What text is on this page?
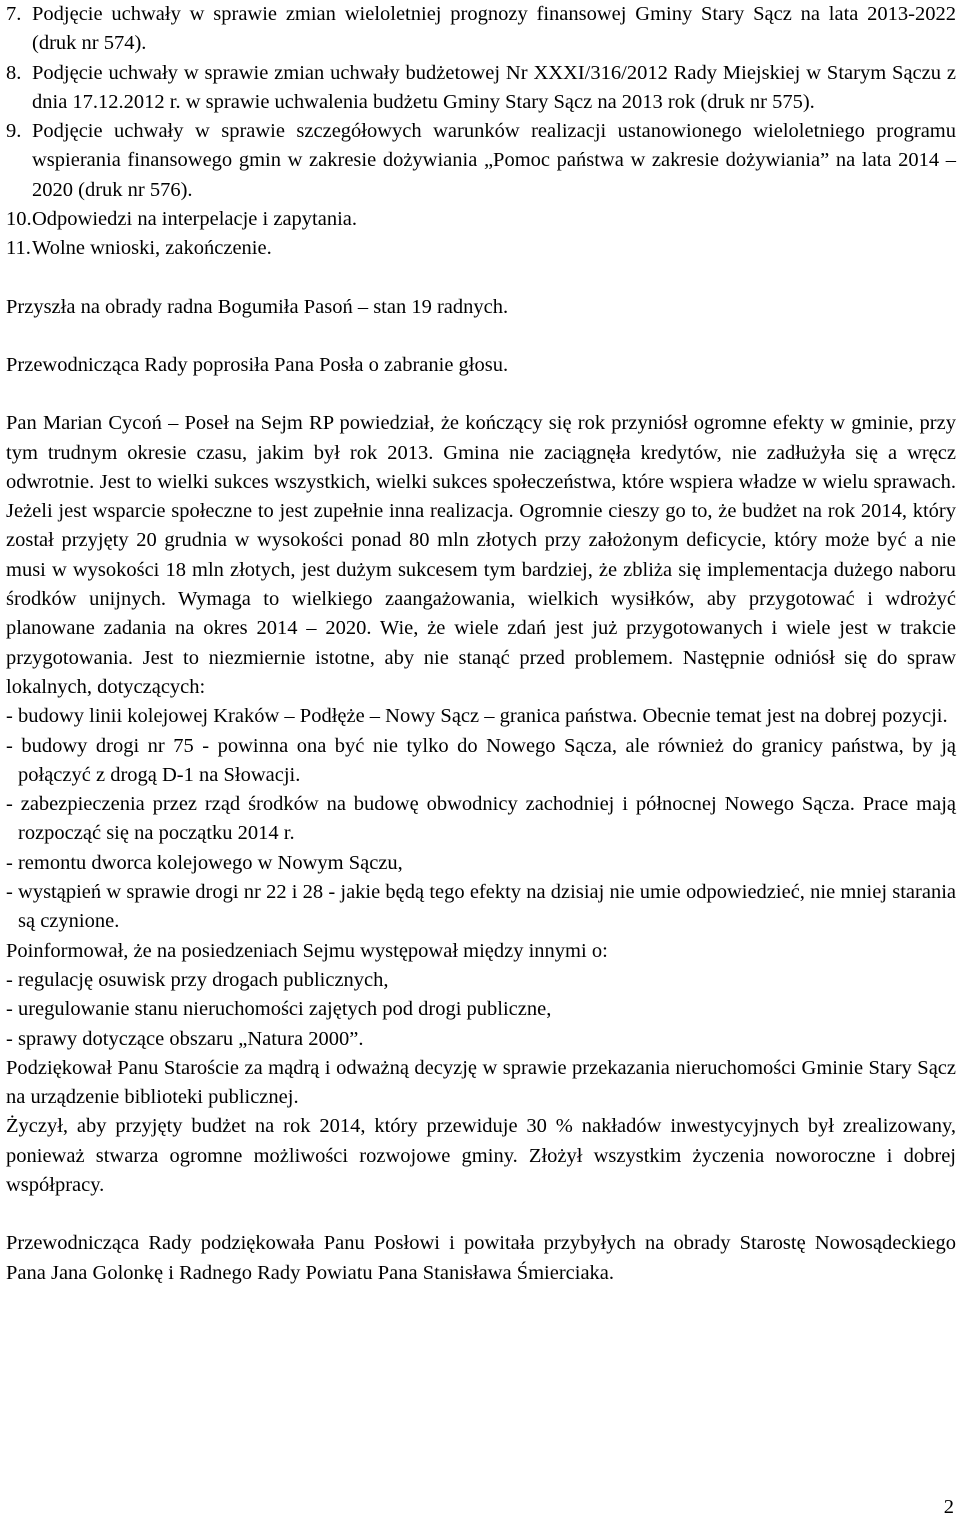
7. Podjęcie uchwały w sprawie zmian wieloletniej prognozy finansowej Gminy Stary Sącz na lata 2013-2022 (druk nr 574).
8. Podjęcie uchwały w sprawie zmian uchwały budżetowej Nr XXXI/316/2012 Rady Miejskiej w Starym Sączu z dnia 17.12.2012 r. w sprawie uchwalenia budżetu Gminy Stary Sącz na 2013 rok (druk nr 575).
9. Podjęcie uchwały w sprawie szczegółowych warunków realizacji ustanowionego wieloletniego programu wspierania finansowego gmin w zakresie dożywiania „Pomoc państwa w zakresie dożywiania” na lata 2014 – 2020 (druk nr 576).
10. Odpowiedzi na interpelacje i zapytania.
11. Wolne wnioski, zakończenie.

Przyszła na obrady radna Bogumiła Pasoń – stan 19 radnych.

Przewodnicząca Rady poprosiła Pana Posła o zabranie głosu.

Pan Marian Cycoń – Poseł na Sejm RP powiedział, że kończący się rok przyniósł ogromne efekty w gminie, przy tym trudnym okresie czasu, jakim był rok 2013. Gmina nie zaciągnęła kredytów, nie zadłużyła się a wręcz odwrotnie. Jest to wielki sukces wszystkich, wielki sukces społeczeństwa, które wspiera władze w wielu sprawach. Jeżeli jest wsparcie społeczne to jest zupełnie inna realizacja. Ogromnie cieszy go to, że budżet na rok 2014, który został przyjęty 20 grudnia w wysokości ponad 80 mln złotych przy założonym deficycie, który może być a nie musi w wysokości 18 mln złotych, jest dużym sukcesem tym bardziej, że zbliża się implementacja dużego naboru środków unijnych. Wymaga to wielkiego zaangażowania, wielkich wysiłków, aby przygotować i wdrożyć planowane zadania na okres 2014 – 2020. Wie, że wiele zdań jest już przygotowanych i wiele jest w trakcie przygotowania. Jest to niezmiernie istotne, aby nie stanąć przed problemem. Następnie odniósł się do spraw lokalnych, dotyczących:

- budowy linii kolejowej Kraków – Podłęże – Nowy Sącz – granica państwa. Obecnie temat jest na dobrej pozycji.

- budowy drogi nr 75 - powinna ona być nie tylko do Nowego Sącza, ale również do granicy państwa, by ją połączyć z drogą D-1 na Słowacji.

- zabezpieczenia przez rząd środków na budowę obwodnicy zachodniej i północnej Nowego Sącza. Prace mają rozpocząć się na początku 2014 r.

- remontu dworca kolejowego w Nowym Sączu,

- wystąpień w sprawie drogi nr 22 i 28 - jakie będą tego efekty na dzisiaj nie umie odpowiedzieć, nie mniej starania są czynione.

Poinformował, że na posiedzeniach Sejmu występował między innymi o:

- regulację osuwisk przy drogach publicznych,

- uregulowanie stanu nieruchomości zajętych pod drogi publiczne,

- sprawy dotyczące obszaru „Natura 2000”.

Podziękował Panu Staroście za mądrą i odważną decyzję w sprawie przekazania nieruchomości Gminie Stary Sącz na urządzenie biblioteki publicznej.

Życzył, aby przyjęty budżet na rok 2014, który przewiduje 30 % nakładów inwestycyjnych był zrealizowany, ponieważ stwarza ogromne możliwości rozwojowe gminy. Złożył wszystkim życzenia noworoczne i dobrej współpracy.

Przewodnicząca Rady podziękowała Panu Posłowi i powitała przybyłych na obrady Starostę Nowosądeckiego Pana Jana Golonkę i Radnego Rady Powiatu Pana Stanisława Śmierciaka.

2
